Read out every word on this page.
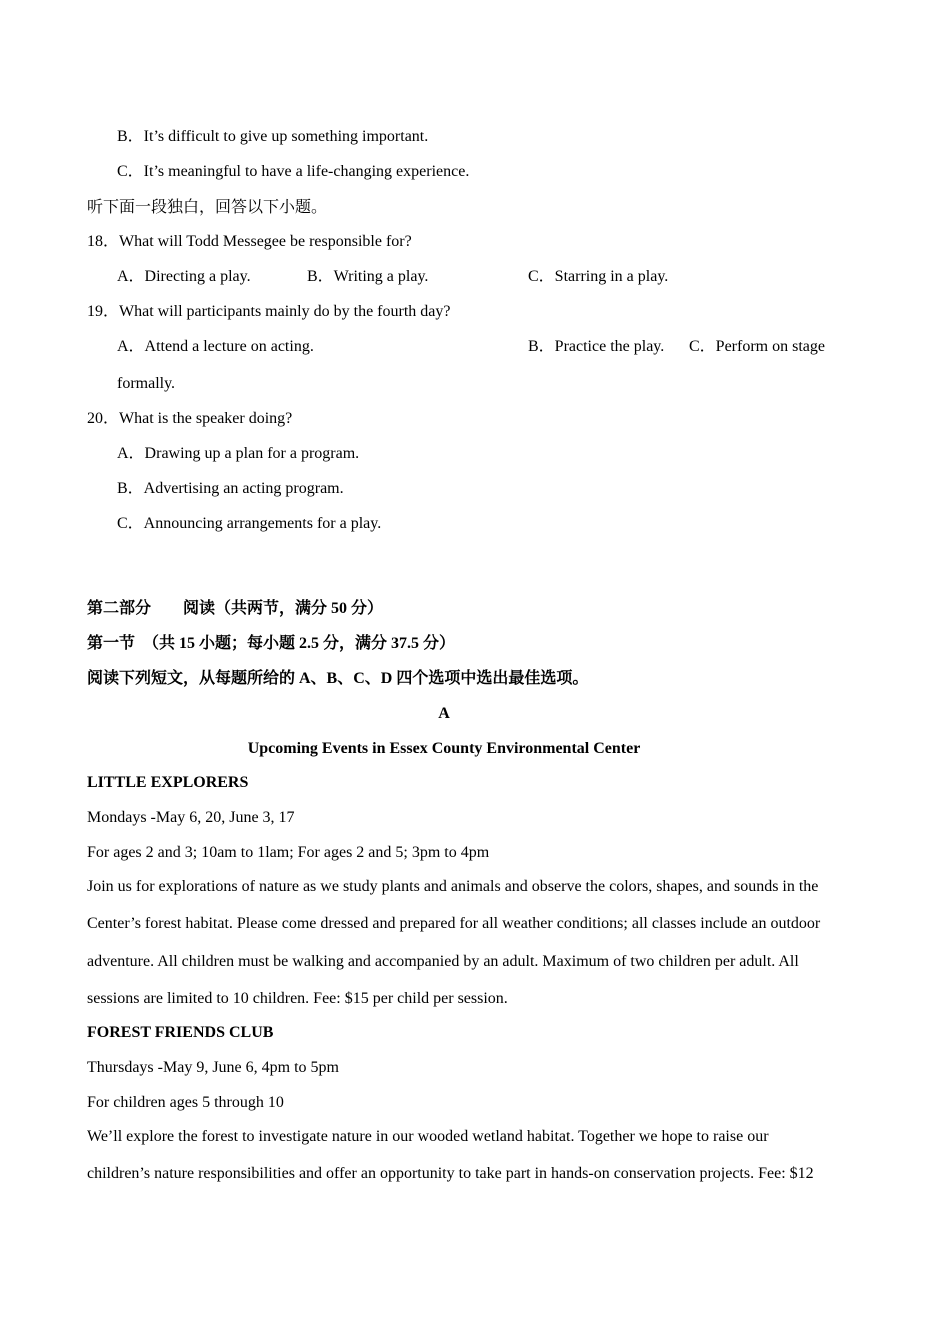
B．It’s difficult to give up something important.
C．It’s meaningful to have a life-changing experience.
听下面一段独白，回答以下小题。
18．What will Todd Messegee be responsible for?
A．Directing a play.	B．Writing a play.	C．Starring in a play.
19．What will participants mainly do by the fourth day?
A．Attend a lecture on acting.	B．Practice the play. C．Perform on stage
formally.
20．What is the speaker doing?
A．Drawing up a plan for a program.
B．Advertising an acting program.
C．Announcing arrangements for a play.
第二部分　　阅读（共两节，满分 50 分）
第一节　（共 15 小题；每小题 2.5 分，满分 37.5 分）
阅读下列短文，从每题所给的 A、B、C、D 四个选项中选出最佳选项。
A
Upcoming Events in Essex County Environmental Center
LITTLE EXPLORERS
Mondays -May 6, 20, June 3, 17
For ages 2 and 3; 10am to 1lam; For ages 2 and 5; 3pm to 4pm
Join us for explorations of nature as we study plants and animals and observe the colors, shapes, and sounds in the
Center’s forest habitat. Please come dressed and prepared for all weather conditions; all classes include an outdoor
adventure. All children must be walking and accompanied by an adult. Maximum of two children per adult. All
sessions are limited to 10 children. Fee: $15 per child per session.
FOREST FRIENDS CLUB
Thursdays -May 9, June 6, 4pm to 5pm
For children ages 5 through 10
We’ll explore the forest to investigate nature in our wooded wetland habitat. Together we hope to raise our
children’s nature responsibilities and offer an opportunity to take part in hands-on conservation projects. Fee: $12
